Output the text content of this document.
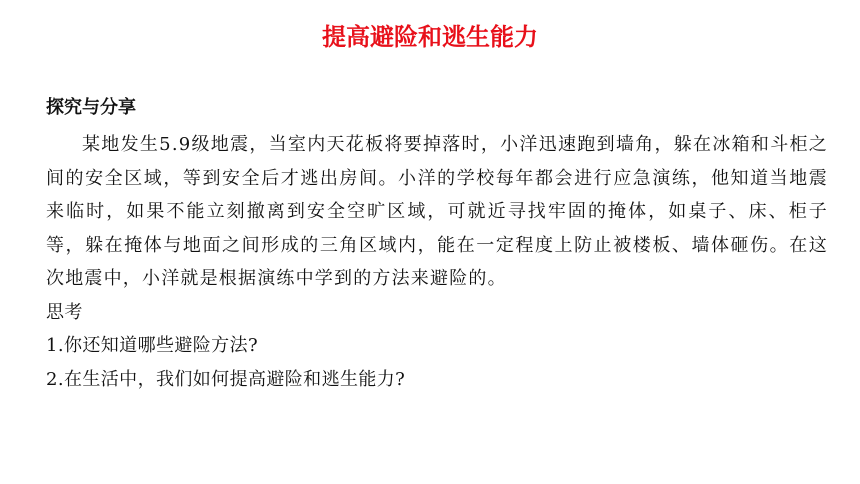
提高避险和逃生能力
探究与分享

某地发生5.9级地震，当室内天花板将要掉落时，小洋迅速跑到墙角，躲在冰箱和斗柜之间的安全区域，等到安全后才逃出房间。小洋的学校每年都会进行应急演练，他知道当地震来临时，如果不能立刻撤离到安全空旷区域，可就近寻找牢固的掩体，如桌子、床、柜子等，躲在掩体与地面之间形成的三角区域内，能在一定程度上防止被楼板、墙体砸伤。在这次地震中，小洋就是根据演练中学到的方法来避险的。

思考

1.你还知道哪些避险方法?

2.在生活中，我们如何提高避险和逃生能力?
